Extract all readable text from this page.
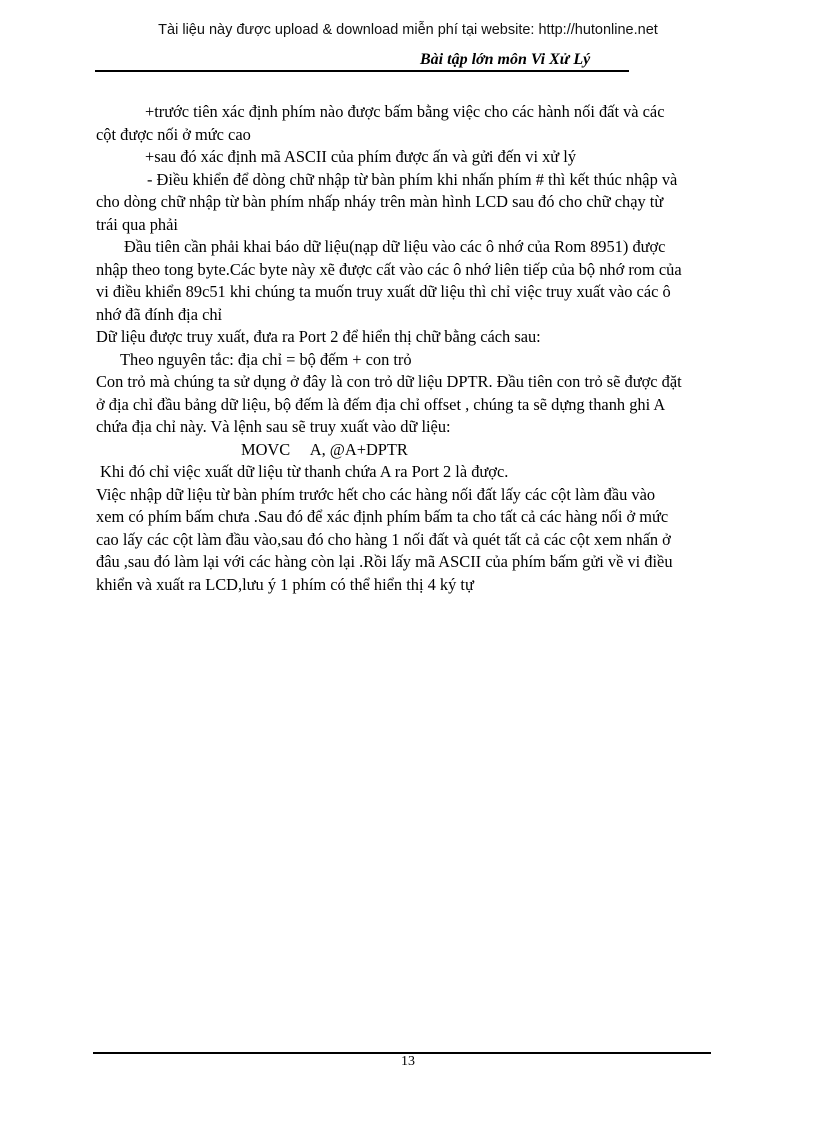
Tài liệu này được upload & download miễn phí tại website: http://hutonline.net
Bài tập lớn môn Vi Xử Lý

+trước tiên xác định phím nào được bấm bằng việc cho các hành nối đất và các

cột được nối ở mức cao

+sau đó xác định mã ASCII của phím được ấn và gửi đến vi xử lý

- Điều khiển để dòng chữ nhập từ bàn phím khi nhấn phím # thì kết thúc nhập và

cho dòng chữ nhập từ bàn phím nhấp nháy trên màn hình LCD sau đó cho chữ chạy từ

trái qua phải

Đầu tiên cần phải khai báo dữ liệu(nạp dữ liệu vào các ô nhớ của Rom 8951) được

nhập theo tong byte.Các byte này xẽ được cất vào các ô nhớ liên tiếp của bộ nhớ rom của

vi điều khiển 89c51 khi chúng ta muốn truy xuất dữ liệu thì chỉ việc truy xuất vào các ô

nhớ đã đính địa chỉ

Dữ liệu được truy xuất, đưa ra Port 2 để hiển thị chữ bằng cách sau:

Theo nguyên tắc: địa chỉ = bộ đếm + con trỏ

Con trỏ mà chúng ta sử dụng ở đây là con trỏ dữ liệu DPTR. Đầu tiên con trỏ sẽ được đặt

ở địa chỉ đầu bảng dữ liệu, bộ đếm là đếm địa chỉ offset , chúng ta sẽ dựng thanh ghi A

chứa địa chỉ này. Và lệnh sau sẽ truy xuất vào dữ liệu:

MOVC     A, @A+DPTR

Khi đó chỉ việc xuất dữ liệu từ thanh chứa A ra Port 2 là được.

Việc nhập dữ liệu từ bàn phím trước hết cho các hàng nối đất lấy các cột làm đầu vào

xem có phím bấm chưa .Sau đó để xác định phím bấm ta cho tất cả các hàng nối ở mức

cao lấy các cột làm đầu vào,sau đó cho hàng 1 nối đất và quét tất cả các cột xem nhấn ở

đâu ,sau đó làm lại với các hàng còn lại .Rồi lấy mã ASCII của phím bấm gửi về vi điều

khiển và xuất ra LCD,lưu ý 1 phím có thể hiển thị 4 ký tự

13
